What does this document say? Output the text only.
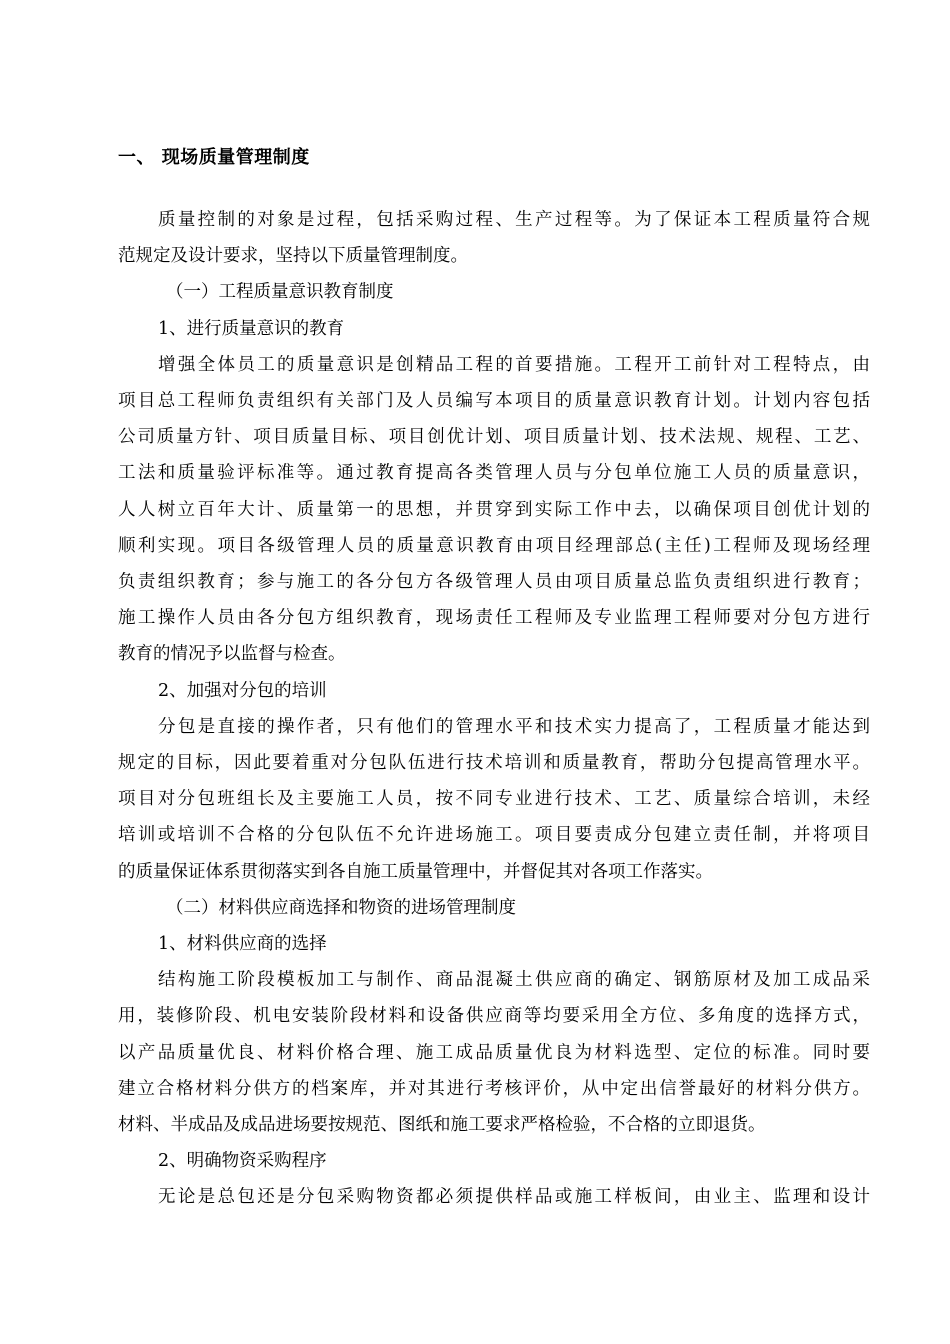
一、 现场质量管理制度
质量控制的对象是过程，包括采购过程、生产过程等。为了保证本工程质量符合规
范规定及设计要求，坚持以下质量管理制度。
（一）工程质量意识教育制度
1、进行质量意识的教育
增强全体员工的质量意识是创精品工程的首要措施。工程开工前针对工程特点，由
项目总工程师负责组织有关部门及人员编写本项目的质量意识教育计划。计划内容包括
公司质量方针、项目质量目标、项目创优计划、项目质量计划、技术法规、规程、工艺、
工法和质量验评标准等。通过教育提高各类管理人员与分包单位施工人员的质量意识，
人人树立百年大计、质量第一的思想，并贯穿到实际工作中去，以确保项目创优计划的
顺利实现。项目各级管理人员的质量意识教育由项目经理部总(主任)工程师及现场经理
负责组织教育；参与施工的各分包方各级管理人员由项目质量总监负责组织进行教育；
施工操作人员由各分包方组织教育，现场责任工程师及专业监理工程师要对分包方进行
教育的情况予以监督与检查。
2、加强对分包的培训
分包是直接的操作者，只有他们的管理水平和技术实力提高了，工程质量才能达到
规定的目标，因此要着重对分包队伍进行技术培训和质量教育，帮助分包提高管理水平。
项目对分包班组长及主要施工人员，按不同专业进行技术、工艺、质量综合培训，未经
培训或培训不合格的分包队伍不允许进场施工。项目要责成分包建立责任制，并将项目
的质量保证体系贯彻落实到各自施工质量管理中，并督促其对各项工作落实。
（二）材料供应商选择和物资的进场管理制度
1、材料供应商的选择
结构施工阶段模板加工与制作、商品混凝土供应商的确定、钢筋原材及加工成品采
用，装修阶段、机电安装阶段材料和设备供应商等均要采用全方位、多角度的选择方式，
以产品质量优良、材料价格合理、施工成品质量优良为材料选型、定位的标准。同时要
建立合格材料分供方的档案库，并对其进行考核评价，从中定出信誉最好的材料分供方。
材料、半成品及成品进场要按规范、图纸和施工要求严格检验，不合格的立即退货。
2、明确物资采购程序
无论是总包还是分包采购物资都必须提供样品或施工样板间，由业主、监理和设计
